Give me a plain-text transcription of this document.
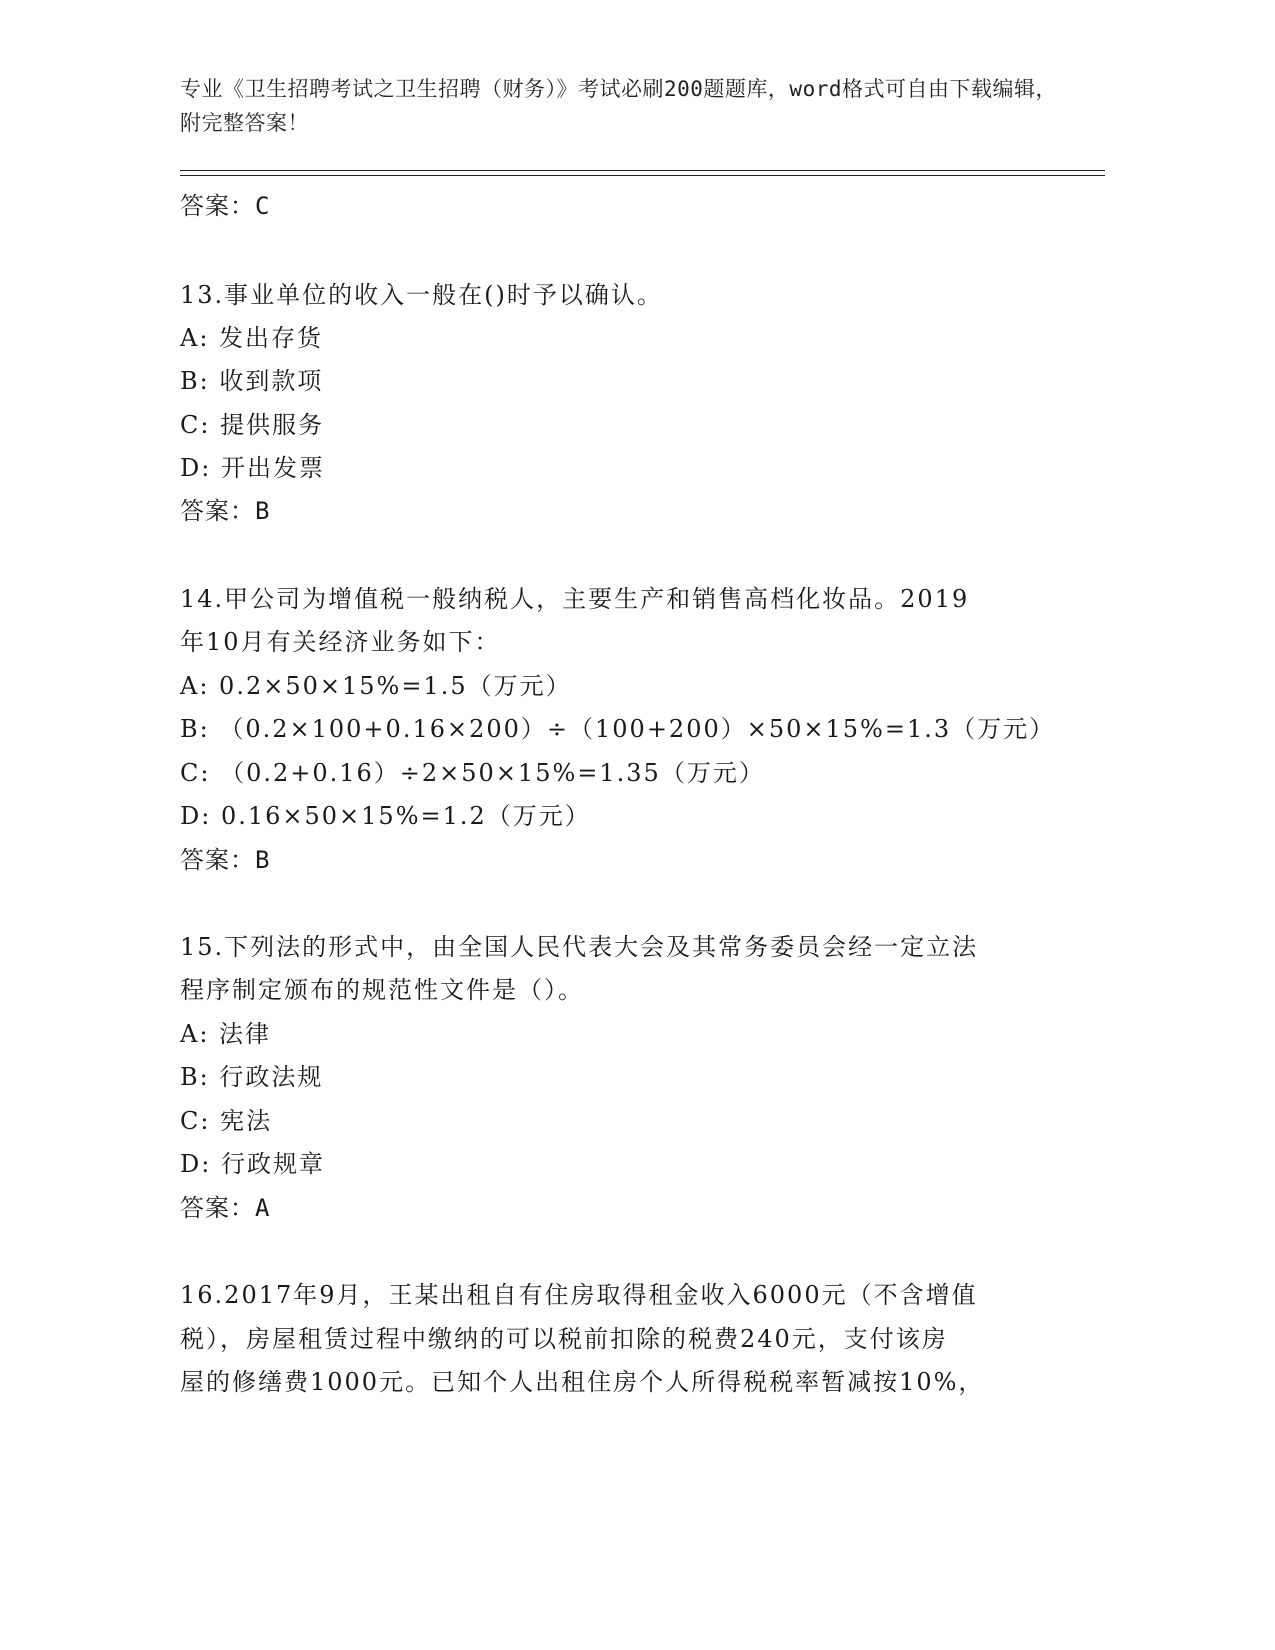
专业《卫生招聘考试之卫生招聘（财务）》考试必刷200题题库，word格式可自由下载编辑，附完整答案！
答案：C
13.事业单位的收入一般在()时予以确认。
A: 发出存货
B: 收到款项
C: 提供服务
D: 开出发票
答案：B
14.甲公司为增值税一般纳税人，主要生产和销售高档化妆品。2019
年10月有关经济业务如下：
A: 0.2×50×15%=1.5（万元）
B: （0.2×100+0.16×200）÷（100+200）×50×15%=1.3（万元）
C: （0.2+0.16）÷2×50×15%=1.35（万元）
D: 0.16×50×15%=1.2（万元）
答案：B
15.下列法的形式中，由全国人民代表大会及其常务委员会经一定立法
程序制定颁布的规范性文件是（）。
A: 法律
B: 行政法规
C: 宪法
D: 行政规章
答案：A
16.2017年9月，王某出租自有住房取得租金收入6000元（不含增值
税），房屋租赁过程中缴纳的可以税前扣除的税费240元，支付该房
屋的修缮费1000元。已知个人出租住房个人所得税税率暂减按10%，
